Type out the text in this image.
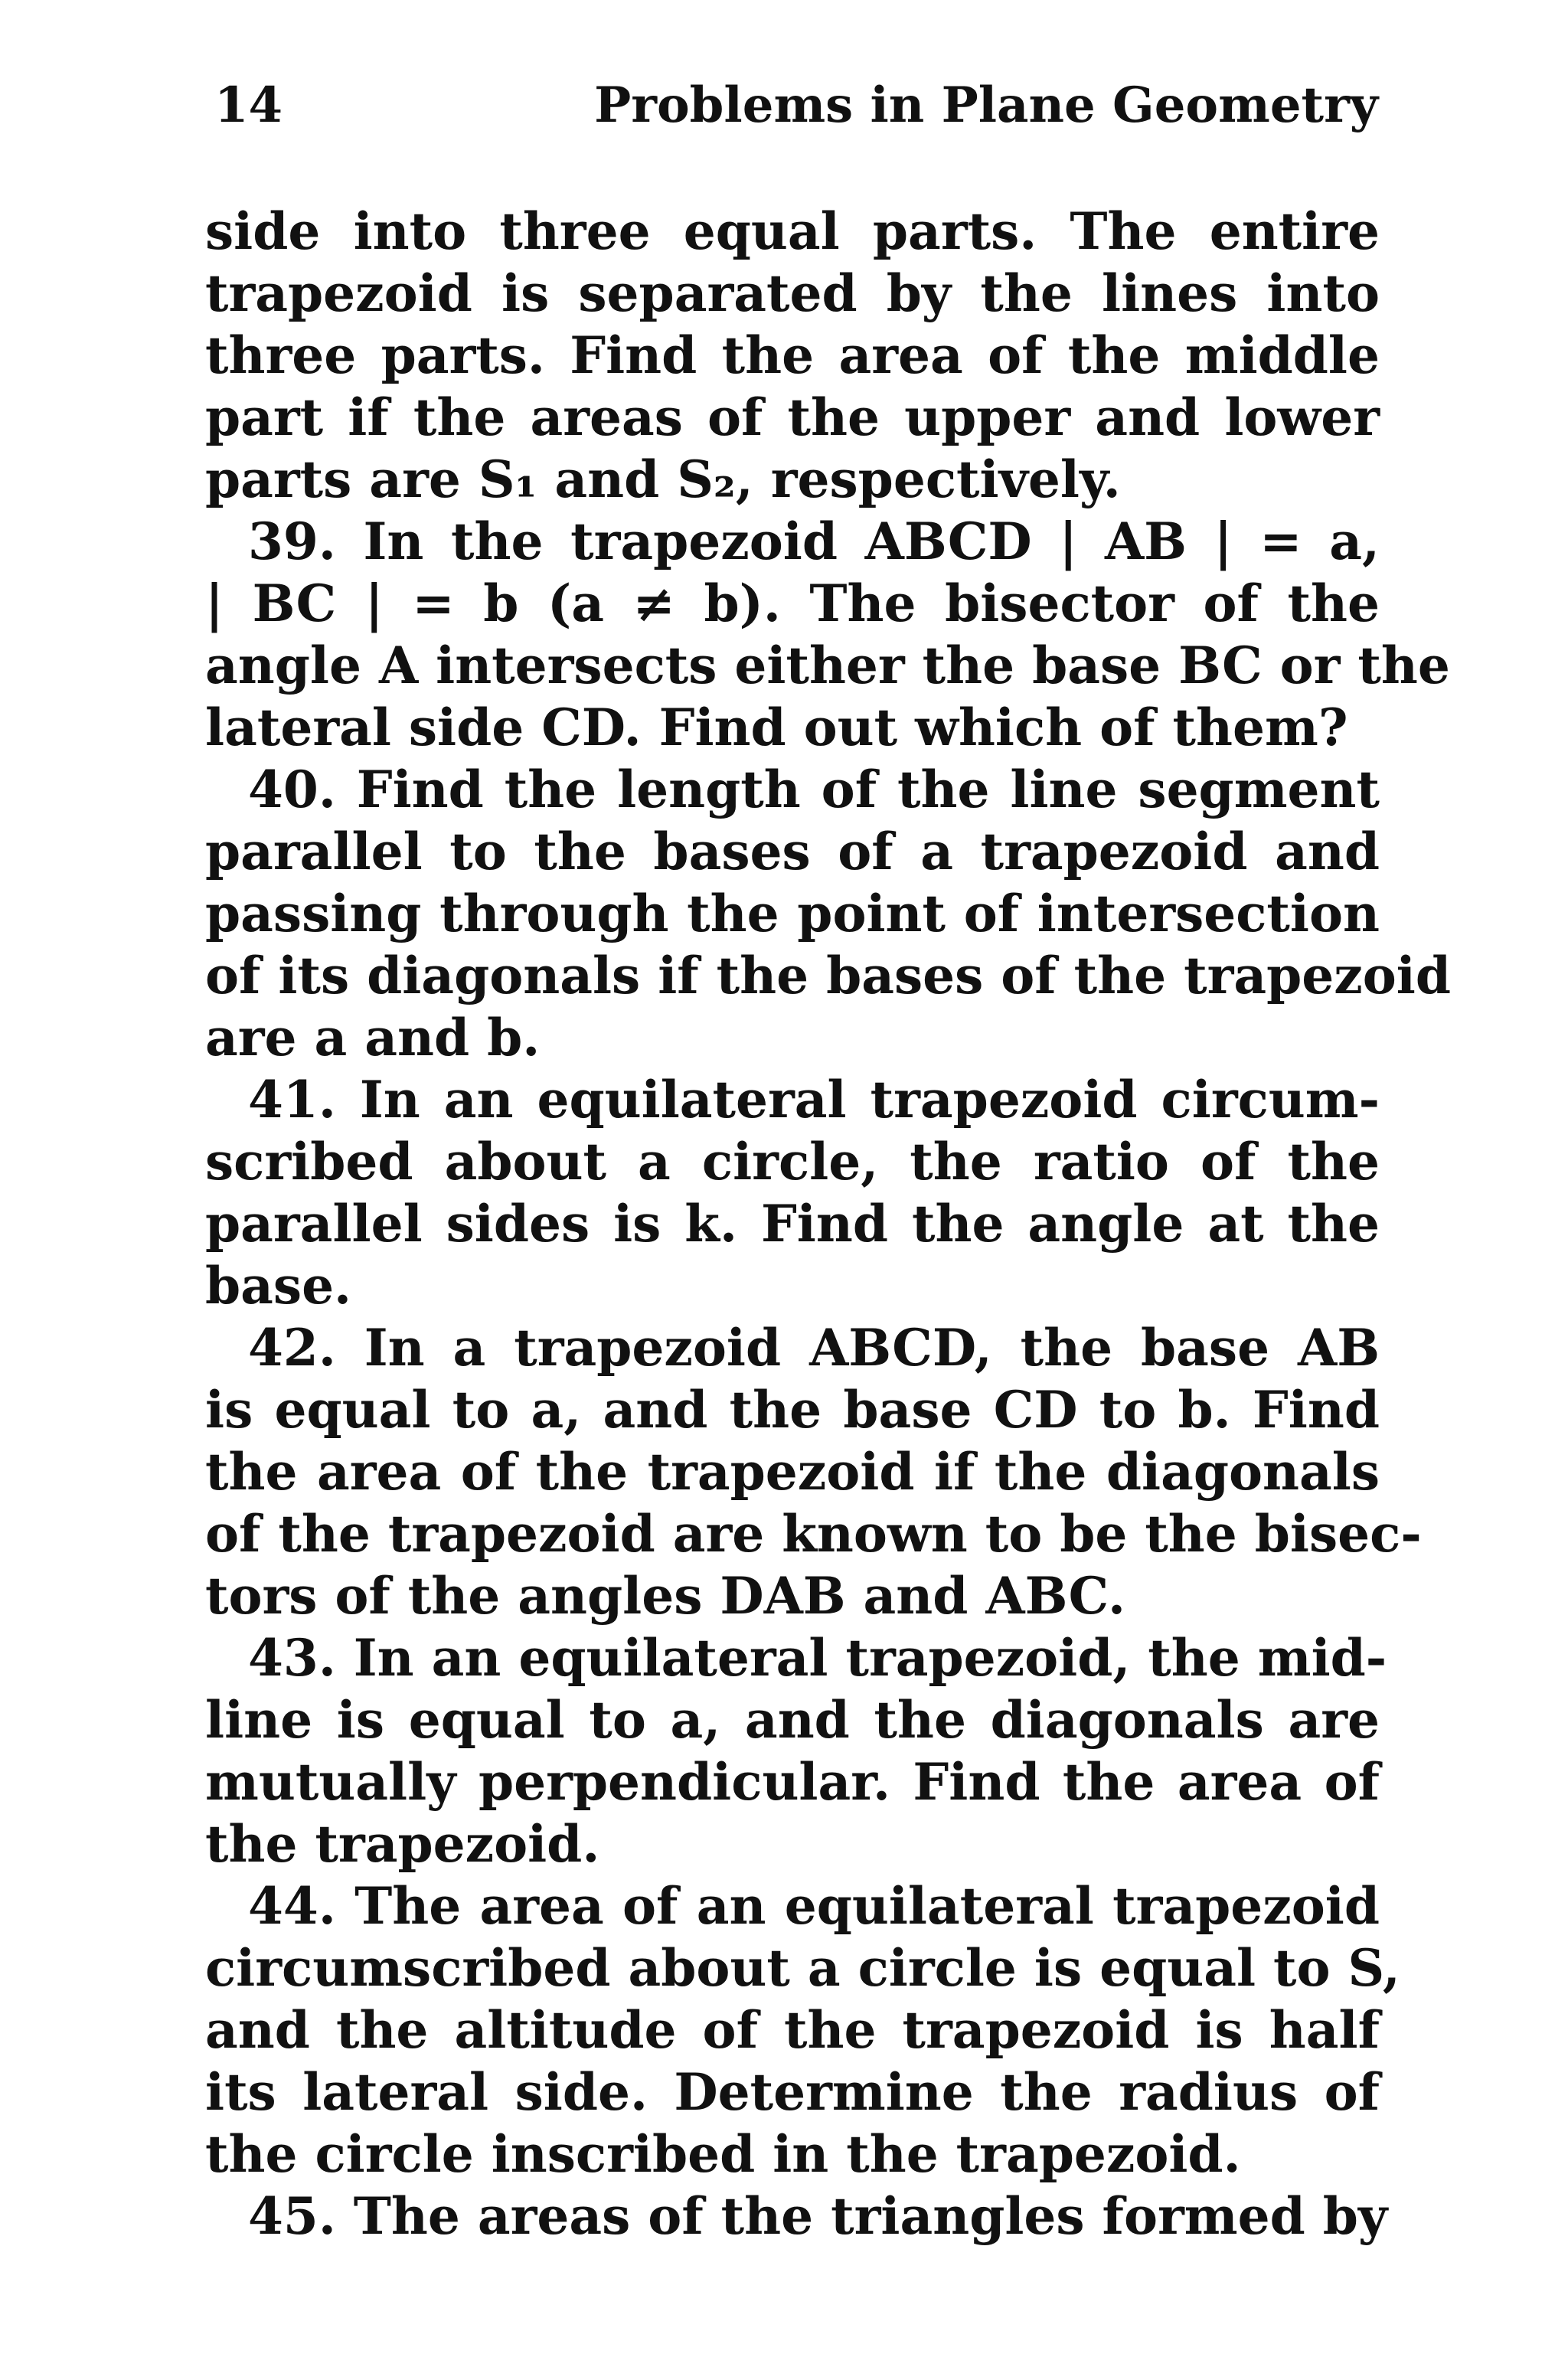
14	Problems in Plane Geometry
side into three equal parts. The entire
trapezoid is separated by the lines into
three parts. Find the area of the middle
part if the areas of the upper and lower
parts are S₁ and S₂, respectively.
39. In the trapezoid ABCD | AB | = a,
| BC | = b (a ≠ b). The bisector of the
angle A intersects either the base BC or the
lateral side CD. Find out which of them?
40. Find the length of the line segment
parallel to the bases of a trapezoid and
passing through the point of intersection
of its diagonals if the bases of the trapezoid
are a and b.
41. In an equilateral trapezoid circum-
scribed about a circle, the ratio of the
parallel sides is k. Find the angle at the
base.
42. In a trapezoid ABCD, the base AB
is equal to a, and the base CD to b. Find
the area of the trapezoid if the diagonals
of the trapezoid are known to be the bisec-
tors of the angles DAB and ABC.
43. In an equilateral trapezoid, the mid-
line is equal to a, and the diagonals are
mutually perpendicular. Find the area of
the trapezoid.
44. The area of an equilateral trapezoid
circumscribed about a circle is equal to S,
and the altitude of the trapezoid is half
its lateral side. Determine the radius of
the circle inscribed in the trapezoid.
45. The areas of the triangles formed by
